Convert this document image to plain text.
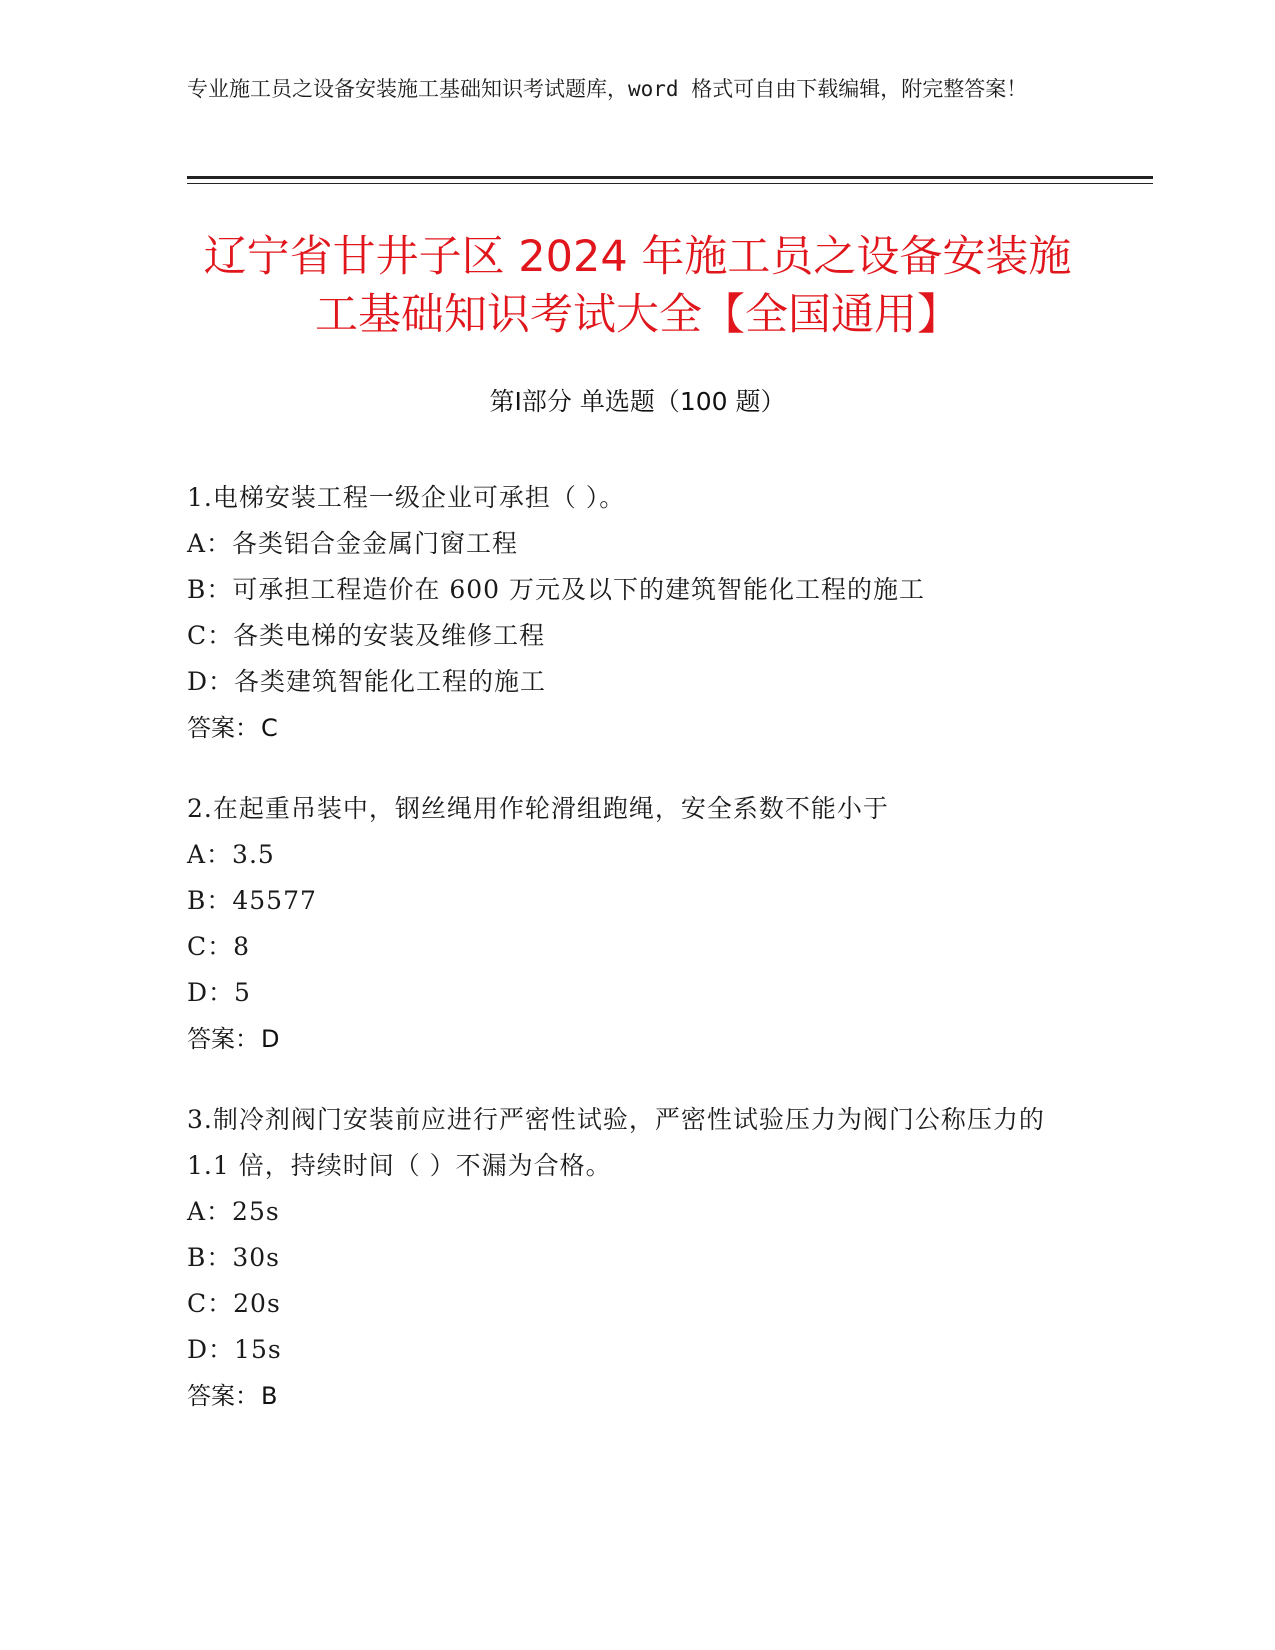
专业施工员之设备安装施工基础知识考试题库，word 格式可自由下载编辑，附完整答案！
辽宁省甘井子区 2024 年施工员之设备安装施
工基础知识考试大全【全国通用】
第Ⅰ部分 单选题（100 题）
1.电梯安装工程一级企业可承担（ ）。
A：各类铝合金金属门窗工程
B：可承担工程造价在 600 万元及以下的建筑智能化工程的施工
C：各类电梯的安装及维修工程
D：各类建筑智能化工程的施工
答案：C
2.在起重吊装中，钢丝绳用作轮滑组跑绳，安全系数不能小于
A：3.5
B：45577
C：8
D：5
答案：D
3.制冷剂阀门安装前应进行严密性试验，严密性试验压力为阀门公称压力的 1.1 倍，持续时间（ ）不漏为合格。
A：25s
B：30s
C：20s
D：15s
答案：B
